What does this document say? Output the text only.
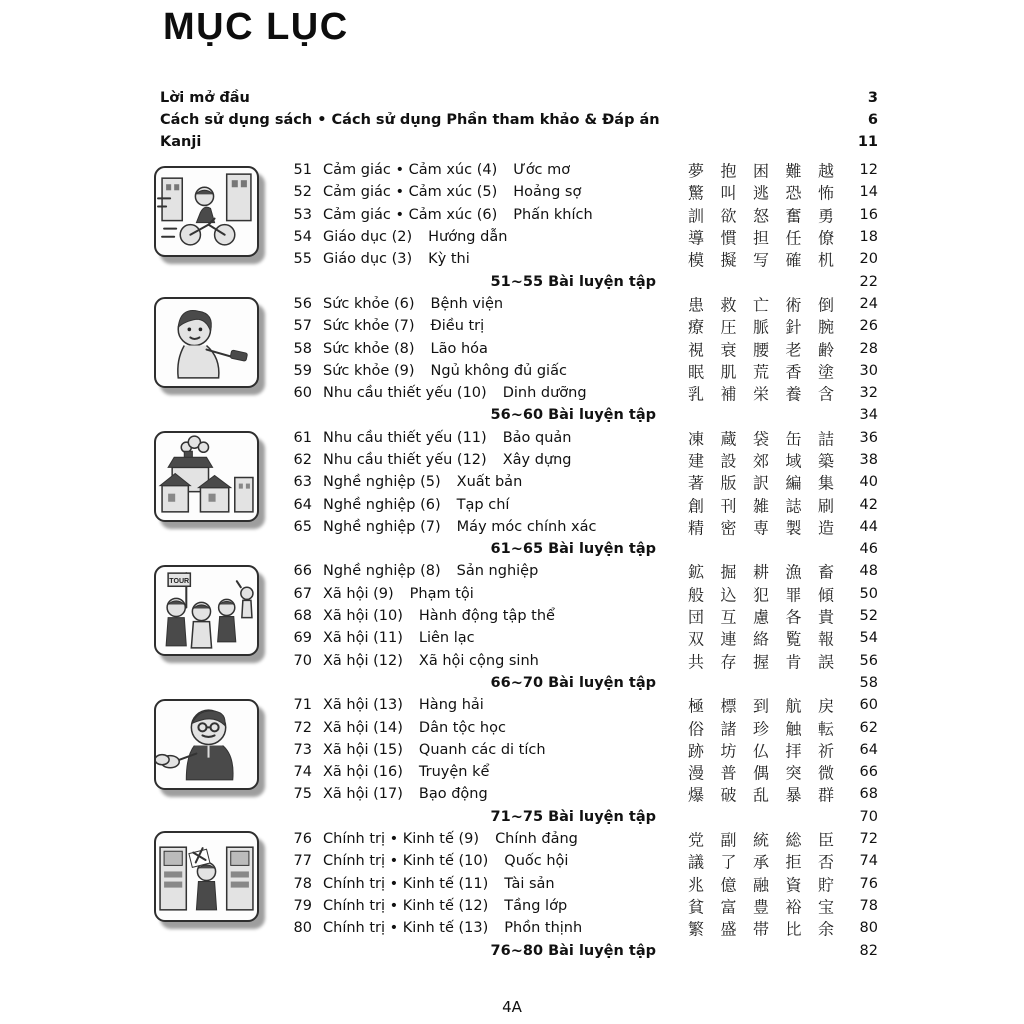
MỤC LỤC
Lời mở đầu	3
Cách sử dụng sách • Cách sử dụng Phần tham khảo & Đáp án	6
Kanji	11
TOUR
51 Cảm giác • Cảm xúc (4) Ước mơ	夢 抱 困 難 越	12
52 Cảm giác • Cảm xúc (5) Hoảng sợ	驚 叫 逃 恐 怖	14
53 Cảm giác • Cảm xúc (6) Phấn khích	訓 欲 怒 奮 勇	16
54 Giáo dục (2) Hướng dẫn	導 慣 担 任 僚	18
55 Giáo dục (3) Kỳ thi	模 擬 写 確 机	20
51~55 Bài luyện tập	22
56 Sức khỏe (6) Bệnh viện	患 救 亡 術 倒	24
57 Sức khỏe (7) Điều trị	療 圧 脈 針 腕	26
58 Sức khỏe (8) Lão hóa	視 衰 腰 老 齢	28
59 Sức khỏe (9) Ngủ không đủ giấc	眠 肌 荒 香 塗	30
60 Nhu cầu thiết yếu (10) Dinh dưỡng	乳 補 栄 養 含	32
56~60 Bài luyện tập	34
61 Nhu cầu thiết yếu (11) Bảo quản	凍 蔵 袋 缶 詰	36
62 Nhu cầu thiết yếu (12) Xây dựng	建 設 郊 域 築	38
63 Nghề nghiệp (5) Xuất bản	著 版 訳 編 集	40
64 Nghề nghiệp (6) Tạp chí	創 刊 雑 誌 刷	42
65 Nghề nghiệp (7) Máy móc chính xác	精 密 専 製 造	44
61~65 Bài luyện tập	46
66 Nghề nghiệp (8) Sản nghiệp	鉱 掘 耕 漁 畜	48
67 Xã hội (9) Phạm tội	般 込 犯 罪 傾	50
68 Xã hội (10) Hành động tập thể	団 互 慮 各 貴	52
69 Xã hội (11) Liên lạc	双 連 絡 覧 報	54
70 Xã hội (12) Xã hội cộng sinh	共 存 握 肯 誤	56
66~70 Bài luyện tập	58
71 Xã hội (13) Hàng hải	極 標 到 航 戻	60
72 Xã hội (14) Dân tộc học	俗 諸 珍 触 転	62
73 Xã hội (15) Quanh các di tích	跡 坊 仏 拝 祈	64
74 Xã hội (16) Truyện kể	漫 普 偶 突 微	66
75 Xã hội (17) Bạo động	爆 破 乱 暴 群	68
71~75 Bài luyện tập	70
76 Chính trị • Kinh tế (9) Chính đảng	党 副 統 総 臣	72
77 Chính trị • Kinh tế (10) Quốc hội	議 了 承 拒 否	74
78 Chính trị • Kinh tế (11) Tài sản	兆 億 融 資 貯	76
79 Chính trị • Kinh tế (12) Tầng lớp	貧 富 豊 裕 宝	78
80 Chính trị • Kinh tế (13) Phồn thịnh	繁 盛 帯 比 余	80
76~80 Bài luyện tập	82
4A
